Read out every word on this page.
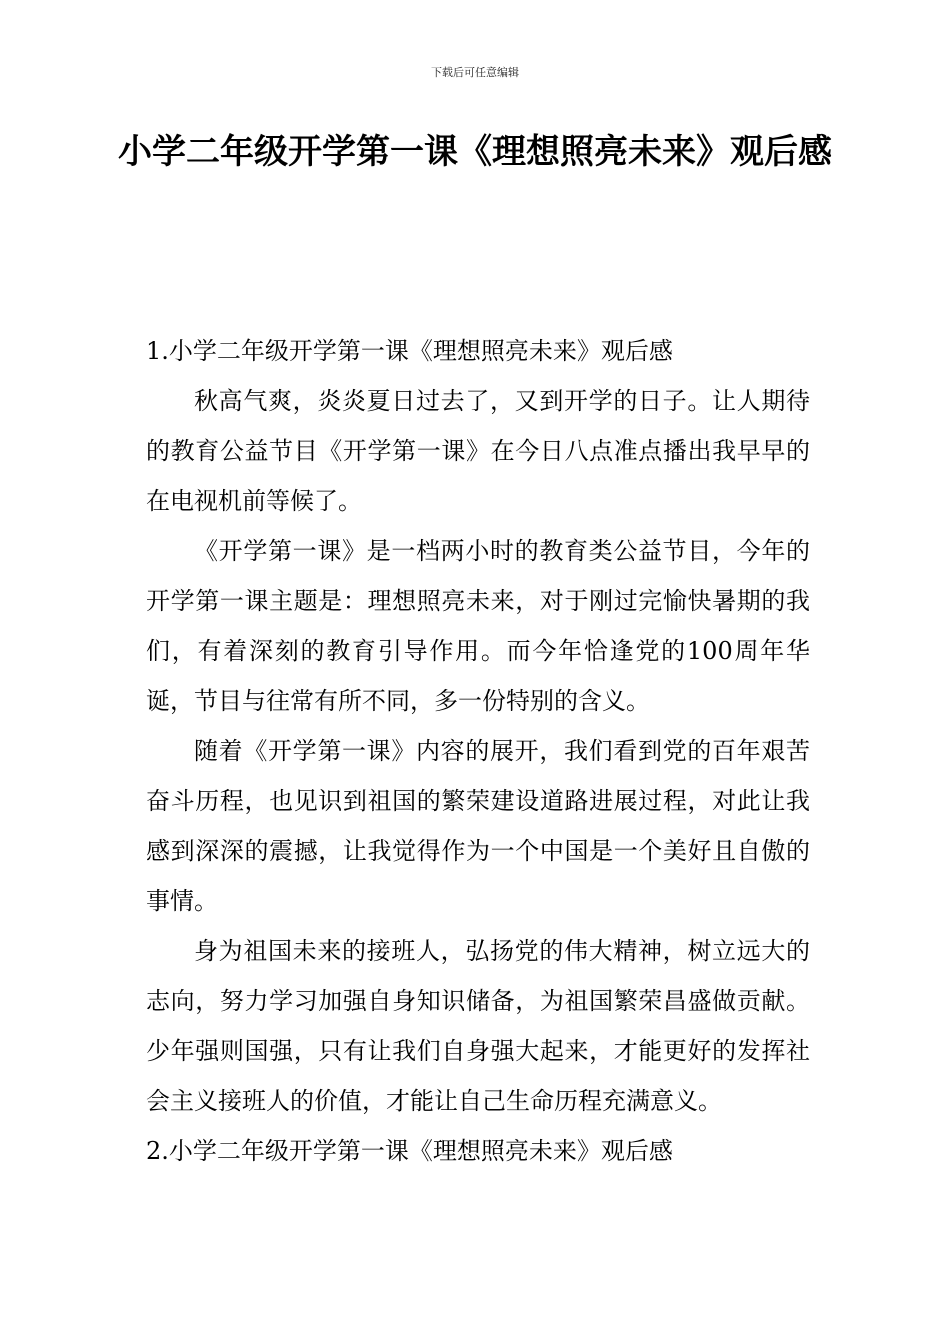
下载后可任意编辑
小学二年级开学第一课《理想照亮未来》观后感

1.小学二年级开学第一课《理想照亮未来》观后感

秋高气爽，炎炎夏日过去了，又到开学的日子。让人期待的教育公益节目《开学第一课》在今日八点准点播出我早早的在电视机前等候了。

《开学第一课》是一档两小时的教育类公益节目，今年的开学第一课主题是：理想照亮未来，对于刚过完愉快暑期的我们，有着深刻的教育引导作用。而今年恰逢党的100周年华诞，节目与往常有所不同，多一份特别的含义。

随着《开学第一课》内容的展开，我们看到党的百年艰苦奋斗历程，也见识到祖国的繁荣建设道路进展过程，对此让我感到深深的震撼，让我觉得作为一个中国是一个美好且自傲的事情。

身为祖国未来的接班人，弘扬党的伟大精神，树立远大的志向，努力学习加强自身知识储备，为祖国繁荣昌盛做贡献。少年强则国强，只有让我们自身强大起来，才能更好的发挥社会主义接班人的价值，才能让自己生命历程充满意义。

2.小学二年级开学第一课《理想照亮未来》观后感
